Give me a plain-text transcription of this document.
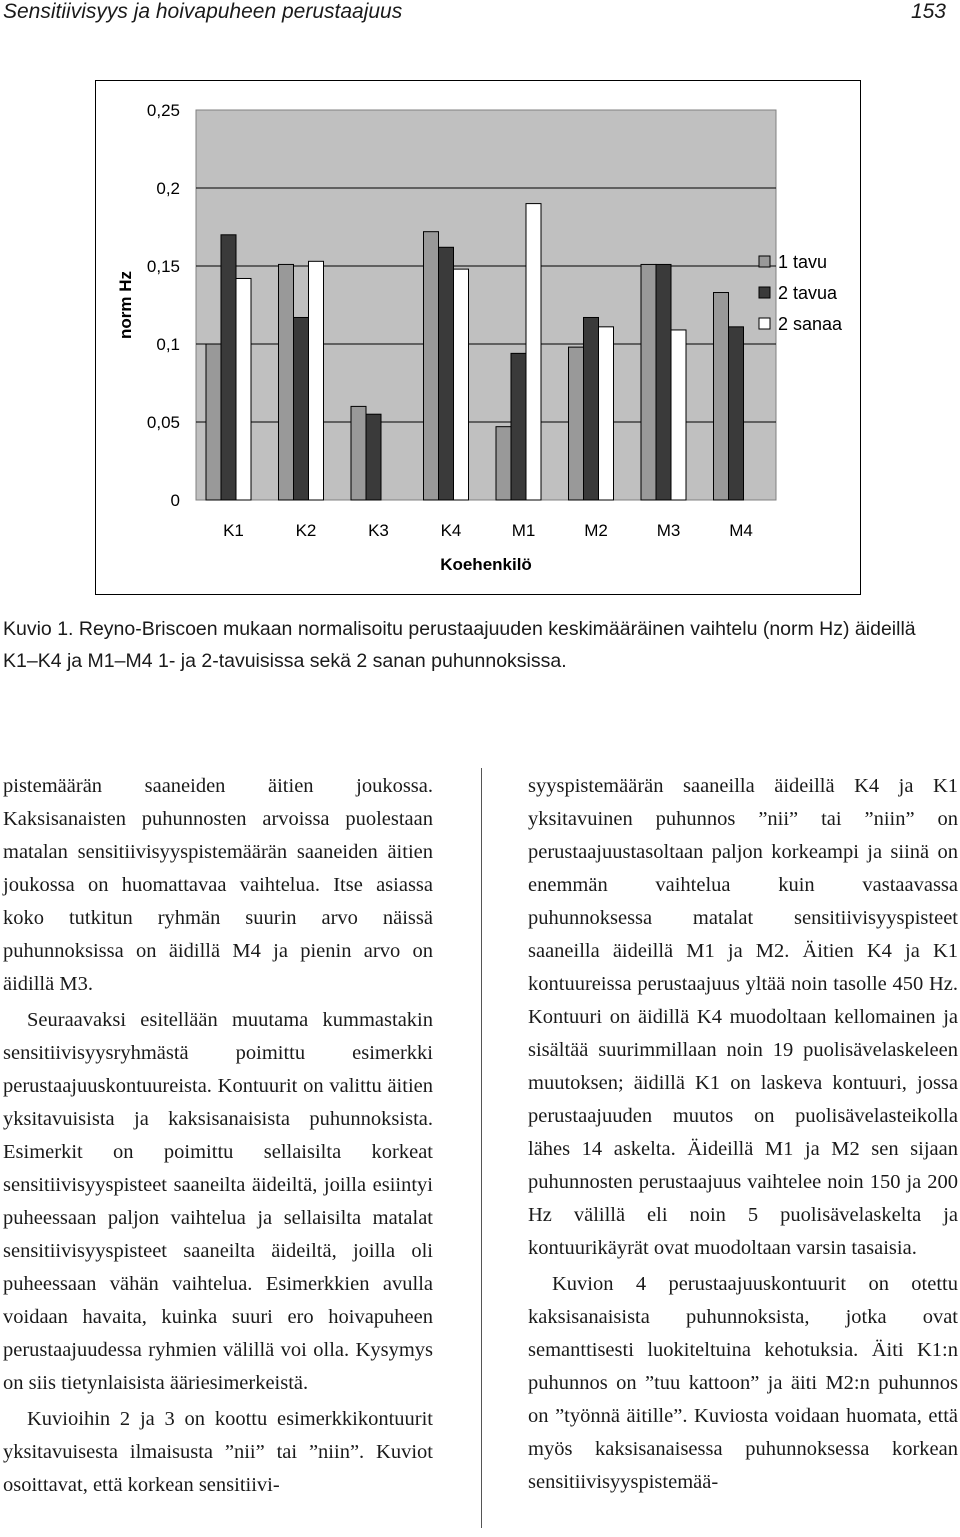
Sensitiivisyys ja hoivapuheen perustaajuus	153
0
0,05
0,1
0,15
0,2
0,25
K1	K2	K3	K4	M1	M2	M3	M4
norm Hz
Koehenkilö
1 tavu
2 tavua
2 sanaa
Kuvio 1. Reyno-Briscoen mukaan normalisoitu perustaajuuden keskimääräinen vaihtelu (norm Hz) äideillä K1–K4 ja M1–M4 1- ja 2-tavuisissa sekä 2 sanan puhunnoksissa.

pistemäärän saaneiden äitien joukossa. Kaksisanaisten puhunnosten arvoissa puolestaan matalan sensitiivisyyspistemäärän saaneiden äitien joukossa on huomattavaa vaihtelua. Itse asiassa koko tutkitun ryhmän suurin arvo näissä puhunnoksissa on äidillä M4 ja pienin arvo on äidillä M3.

Seuraavaksi esitellään muutama kummastakin sensitiivisyysryhmästä poimittu esimerkki perustaajuuskontuureista. Kontuurit on valittu äitien yksitavuisista ja kaksisanaisista puhunnoksista. Esimerkit on poimittu sellaisilta korkeat sensitiivisyyspisteet saaneilta äideiltä, joilla esiintyi puheessaan paljon vaihtelua ja sellaisilta matalat sensitiivisyyspisteet saaneilta äideiltä, joilla oli puheessaan vähän vaihtelua. Esimerkkien avulla voidaan havaita, kuinka suuri ero hoivapuheen perustaajuudessa ryhmien välillä voi olla. Kysymys on siis tietynlaisista ääriesimerkeistä.

Kuvioihin 2 ja 3 on koottu esimerkkikontuurit yksitavuisesta ilmaisusta ”nii” tai ”niin”. Kuviot osoittavat, että korkean sensitiivi-

syyspistemäärän saaneilla äideillä K4 ja K1 yksitavuinen puhunnos ”nii” tai ”niin” on perustaajuustasoltaan paljon korkeampi ja siinä on enemmän vaihtelua kuin vastaavassa puhunnoksessa matalat sensitiivisyyspisteet saaneilla äideillä M1 ja M2. Äitien K4 ja K1 kontuureissa perustaajuus yltää noin tasolle 450 Hz. Kontuuri on äidillä K4 muodoltaan kellomainen ja sisältää suurimmillaan noin 19 puolisävelaskeleen muutoksen; äidillä K1 on laskeva kontuuri, jossa perustaajuuden muutos on puolisävelasteikolla lähes 14 askelta. Äideillä M1 ja M2 sen sijaan puhunnosten perustaajuus vaihtelee noin 150 ja 200 Hz välillä eli noin 5 puolisävelaskelta ja kontuurikäyrät ovat muodoltaan varsin tasaisia.

Kuvion 4 perustaajuuskontuurit on otettu kaksisanaisista puhunnoksista, jotka ovat semanttisesti luokiteltuina kehotuksia. Äiti K1:n puhunnos on ”tuu kattoon” ja äiti M2:n puhunnos on ”työnnä äitille”. Kuviosta voidaan huomata, että myös kaksisanaisessa puhunnoksessa korkean sensitiivisyyspistemää-
